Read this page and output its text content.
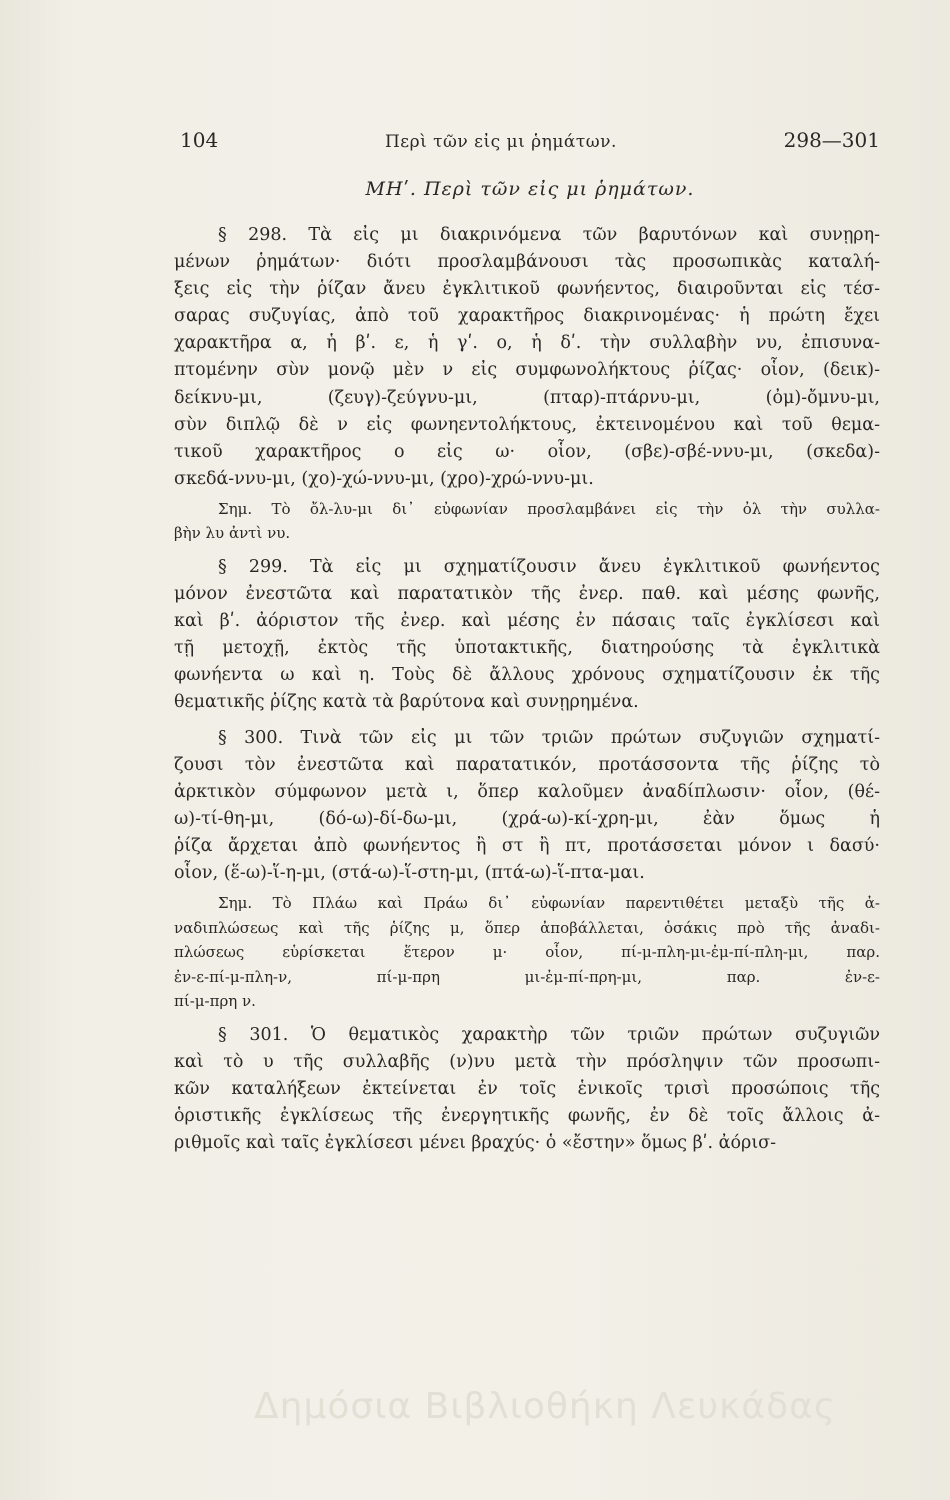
104	Περὶ τῶν εἰς μι ῥημάτων.	298—301
ΜΗʹ. Περὶ τῶν εἰς μι ῥημάτων.
§ 298. Τὰ εἰς μι διακρινόμενα τῶν βαρυτόνων καὶ συνῃρη-
μένων ῥημάτων· διότι προσλαμβάνουσι τὰς προσωπικὰς καταλή-
ξεις εἰς τὴν ῥίζαν ἄνευ ἐγκλιτικοῦ φωνήεντος, διαιροῦνται εἰς τέσ-
σαρας συζυγίας, ἀπὸ τοῦ χαρακτῆρος διακρινομένας· ἡ πρώτη ἔχει
χαρακτῆρα α, ἡ βʹ. ε, ἡ γʹ. ο, ἡ δʹ. τὴν συλλαβὴν νυ, ἐπισυνα-
πτομένην σὺν μονῷ μὲν ν εἰς συμφωνολήκτους ῥίζας· οἷον, (δεικ)-
δείκνυ-μι, (ζευγ)-ζεύγνυ-μι, (πταρ)-πτάρνυ-μι, (ὀμ)-ὄμνυ-μι,
σὺν διπλῷ δὲ ν εἰς φωνηεντολήκτους, ἐκτεινομένου καὶ τοῦ θεμα-
τικοῦ χαρακτῆρος ο εἰς ω· οἷον, (σβε)-σβέ-ννυ-μι, (σκεδα)-
σκεδά-ννυ-μι, (χο)-χώ-ννυ-μι, (χρο)-χρώ-ννυ-μι.
Σημ. Τὸ ὄλ-λυ-μι δι᾽ εὐφωνίαν προσλαμβάνει εἰς τὴν ὀλ τὴν συλλα-
βὴν λυ ἀντὶ νυ.
§ 299. Τὰ εἰς μι σχηματίζουσιν ἄνευ ἐγκλιτικοῦ φωνήεντος
μόνον ἐνεστῶτα καὶ παρατατικὸν τῆς ἐνερ. παθ. καὶ μέσης φωνῆς,
καὶ βʹ. ἀόριστον τῆς ἐνερ. καὶ μέσης ἐν πάσαις ταῖς ἐγκλίσεσι καὶ
τῇ μετοχῇ, ἐκτὸς τῆς ὑποτακτικῆς, διατηρούσης τὰ ἐγκλιτικὰ
φωνήεντα ω καὶ η. Τοὺς δὲ ἄλλους χρόνους σχηματίζουσιν ἐκ τῆς
θεματικῆς ῥίζης κατὰ τὰ βαρύτονα καὶ συνῃρημένα.
§ 300. Τινὰ τῶν εἰς μι τῶν τριῶν πρώτων συζυγιῶν σχηματί-
ζουσι τὸν ἐνεστῶτα καὶ παρατατικόν, προτάσσοντα τῆς ῥίζης τὸ
ἀρκτικὸν σύμφωνον μετὰ ι, ὅπερ καλοῦμεν ἀναδίπλωσιν· οἷον, (θέ-
ω)-τί-θη-μι, (δό-ω)-δί-δω-μι, (χρά-ω)-κί-χρη-μι, ἐὰν ὅμως ἡ
ῥίζα ἄρχεται ἀπὸ φωνήεντος ἢ στ ἢ πτ, προτάσσεται μόνον ι δασύ·
οἷον, (ἕ-ω)-ἵ-η-μι, (στά-ω)-ἵ-στη-μι, (πτά-ω)-ἵ-πτα-μαι.
Σημ. Τὸ Πλάω καὶ Πράω δι᾽ εὐφωνίαν παρεντιθέτει μεταξὺ τῆς ἀ-
ναδιπλώσεως καὶ τῆς ῥίζης μ, ὅπερ ἀποβάλλεται, ὁσάκις πρὸ τῆς ἀναδι-
πλώσεως εὑρίσκεται ἕτερον μ· οἷον, πί-μ-πλη-μι-ἐμ-πί-πλη-μι, παρ.
ἐν-ε-πί-μ-πλη-ν, πί-μ-πρη μι-ἐμ-πί-πρη-μι, παρ. ἐν-ε-
πί-μ-πρη ν.
§ 301. Ὁ θεματικὸς χαρακτὴρ τῶν τριῶν πρώτων συζυγιῶν
καὶ τὸ υ τῆς συλλαβῆς (ν)νυ μετὰ τὴν πρόσληψιν τῶν προσωπι-
κῶν καταλήξεων ἐκτείνεται ἐν τοῖς ἑνικοῖς τρισὶ προσώποις τῆς
ὁριστικῆς ἐγκλίσεως τῆς ἐνεργητικῆς φωνῆς, ἐν δὲ τοῖς ἄλλοις ἀ-
ριθμοῖς καὶ ταῖς ἐγκλίσεσι μένει βραχύς· ὁ «ἔστην» ὅμως βʹ. ἀόρισ-
Δημόσια Βιβλιοθήκη Λευκάδας
